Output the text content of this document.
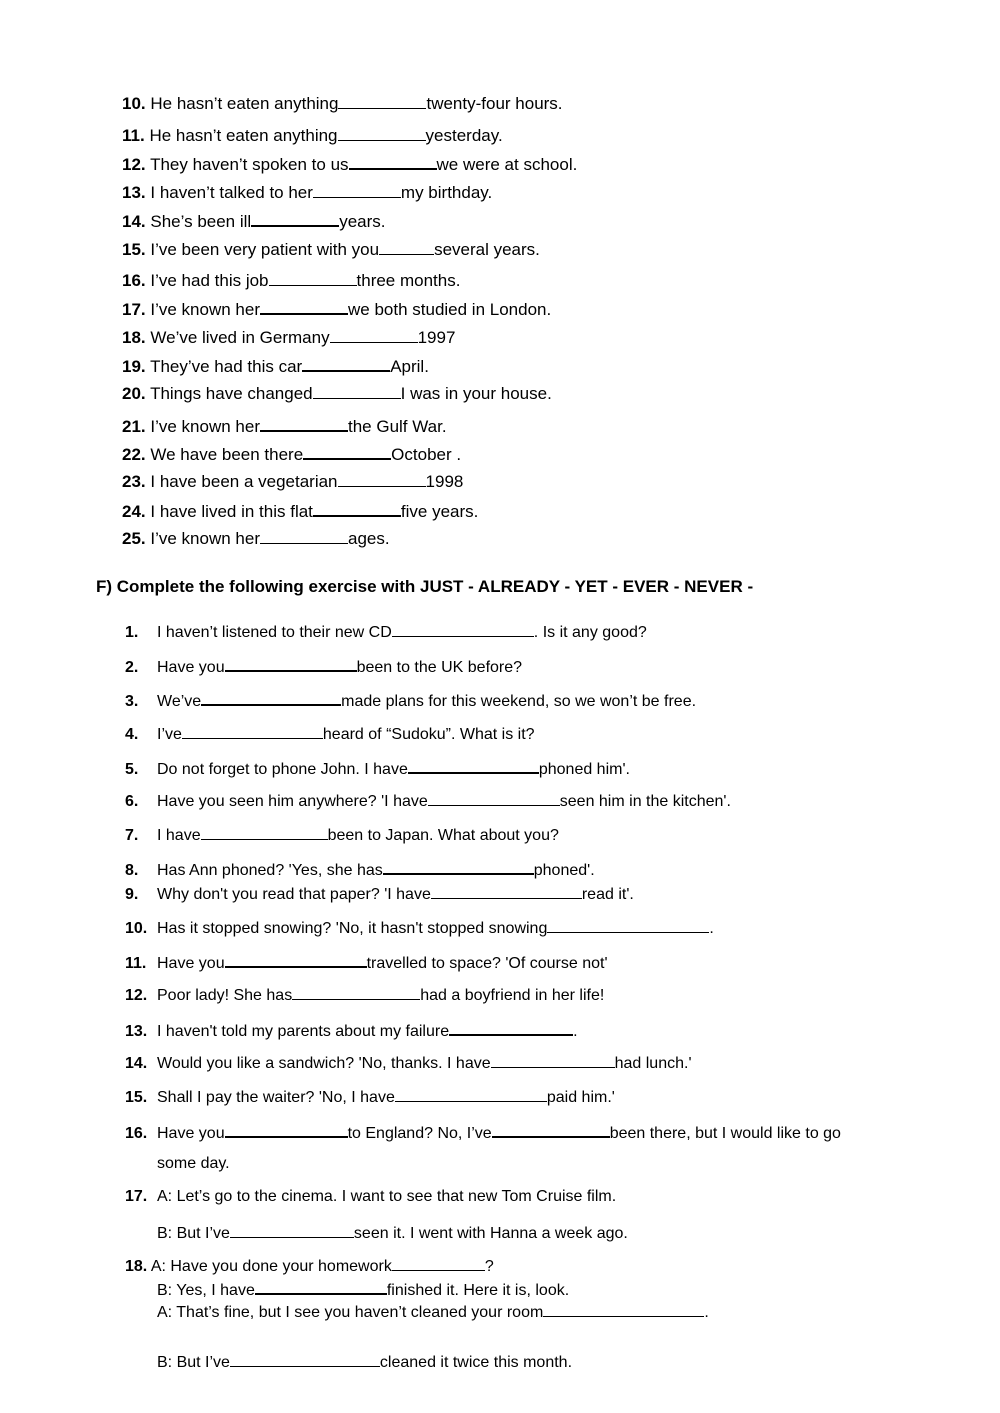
10. He hasn’t eaten anything	twenty-four hours.
11. He hasn’t eaten anything	yesterday.
12. They haven’t spoken to us	we were at school.
13. I haven’t talked to her	my birthday.
14. She’s been ill	years.
15. I’ve been very patient with you	several years.
16. I’ve had this job	three months.
17. I’ve known her	we both studied in London.
18. We’ve lived in Germany	1997
19. They’ve had this car	April.
20. Things have changed	I was in your house.
21. I’ve known her	the Gulf War.
22. We have been there	October .
23. I have been a vegetarian	1998
24. I have lived in this flat	five years.
25. I’ve known her	ages.
F) Complete the following exercise with JUST - ALREADY - YET - EVER - NEVER -
1. I haven’t listened to their new CD	. Is it any good?
2. Have you	been to the UK before?
3. We’ve	made plans for this weekend, so we won’t be free.
4. I’ve	heard of “Sudoku”. What is it?
5. Do not forget to phone John. I have	phoned him'.
6. Have you seen him anywhere? 'I have	seen him in the kitchen'.
7. I have	been to Japan. What about you?
8. Has Ann phoned? 'Yes, she has	phoned'.
9. Why don't you read that paper? 'I have	read it'.
10. Has it stopped snowing? 'No, it hasn't stopped snowing	.
11. Have you	travelled to space? 'Of course not'
12. Poor lady! She has	had a boyfriend in her life!
13. I haven't told my parents about my failure	.
14. Would you like a sandwich? 'No, thanks. I have	had lunch.'
15. Shall I pay the waiter? 'No, I have	paid him.'
16. Have you	to England? No, I’ve	been there, but I would like to go
some day.
17. A: Let’s go to the cinema. I want to see that new Tom Cruise film.
B: But I’ve	seen it. I went with Hanna a week ago.
18. A: Have you done your homework	?
B: Yes, I have	finished it. Here it is, look.
A: That’s fine, but I see you haven’t cleaned your room	.
B: But I’ve	cleaned it twice this month.
